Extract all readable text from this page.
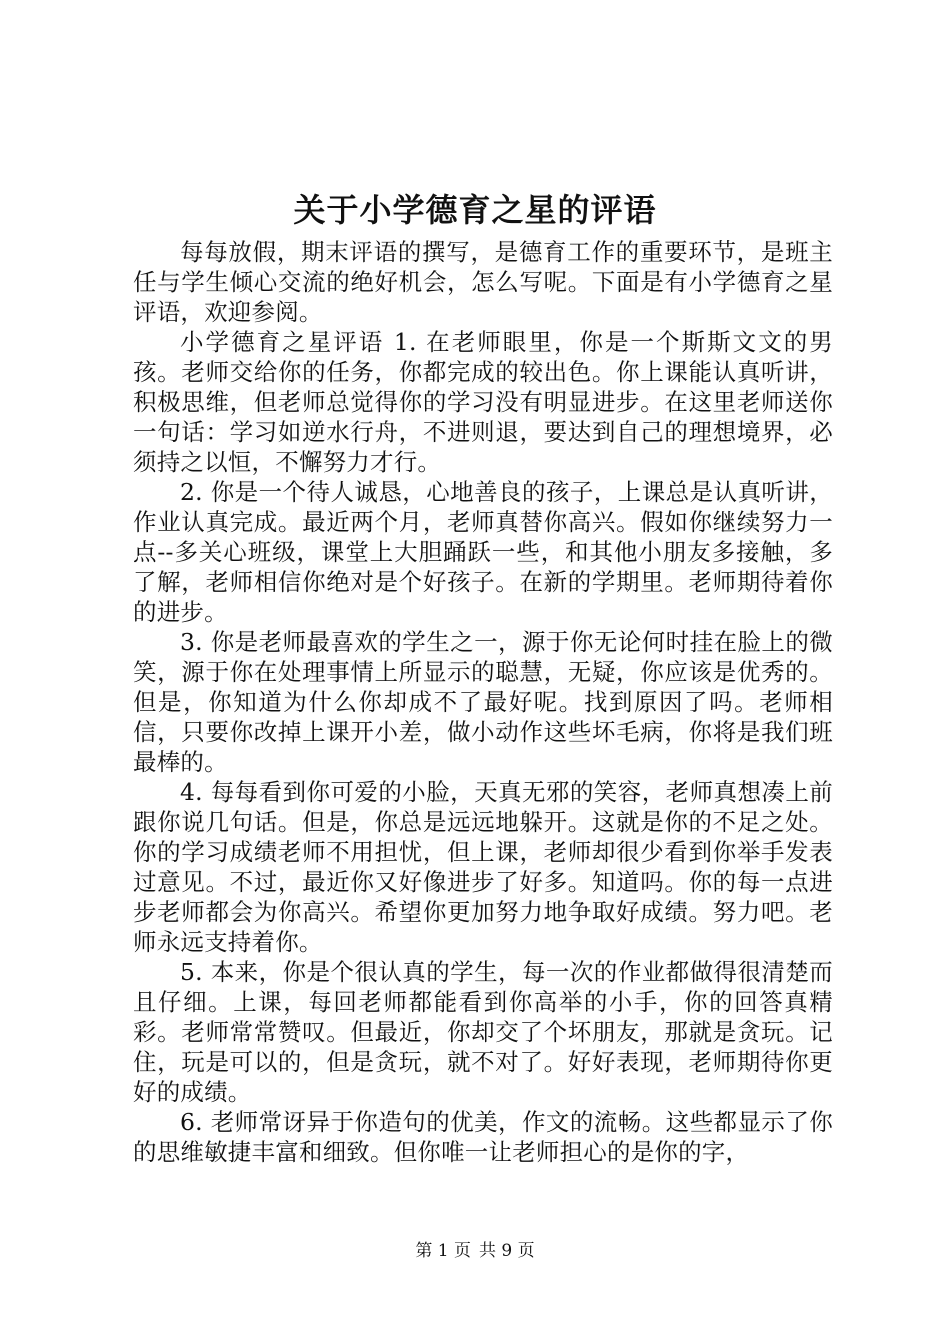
关于小学德育之星的评语

每每放假，期末评语的撰写，是德育工作的重要环节，是班主任与学生倾心交流的绝好机会，怎么写呢。下面是有小学德育之星评语，欢迎参阅。

小学德育之星评语 1. 在老师眼里，你是一个斯斯文文的男孩。老师交给你的任务，你都完成的较出色。你上课能认真听讲，积极思维，但老师总觉得你的学习没有明显进步。在这里老师送你一句话：学习如逆水行舟，不进则退，要达到自己的理想境界，必须持之以恒，不懈努力才行。

2. 你是一个待人诚恳，心地善良的孩子，上课总是认真听讲，作业认真完成。最近两个月，老师真替你高兴。假如你继续努力一点--多关心班级，课堂上大胆踊跃一些，和其他小朋友多接触，多了解，老师相信你绝对是个好孩子。在新的学期里。老师期待着你的进步。

3. 你是老师最喜欢的学生之一，源于你无论何时挂在脸上的微笑，源于你在处理事情上所显示的聪慧，无疑，你应该是优秀的。但是，你知道为什么你却成不了最好呢。找到原因了吗。老师相信，只要你改掉上课开小差，做小动作这些坏毛病，你将是我们班最棒的。

4. 每每看到你可爱的小脸，天真无邪的笑容，老师真想凑上前跟你说几句话。但是，你总是远远地躲开。这就是你的不足之处。你的学习成绩老师不用担忧，但上课，老师却很少看到你举手发表过意见。不过，最近你又好像进步了好多。知道吗。你的每一点进步老师都会为你高兴。希望你更加努力地争取好成绩。努力吧。老师永远支持着你。

5. 本来，你是个很认真的学生，每一次的作业都做得很清楚而且仔细。上课，每回老师都能看到你高举的小手，你的回答真精彩。老师常常赞叹。但最近，你却交了个坏朋友，那就是贪玩。记住，玩是可以的，但是贪玩，就不对了。好好表现，老师期待你更好的成绩。

6. 老师常讶异于你造句的优美，作文的流畅。这些都显示了你的思维敏捷丰富和细致。但你唯一让老师担心的是你的字，

第 1 页 共 9 页
